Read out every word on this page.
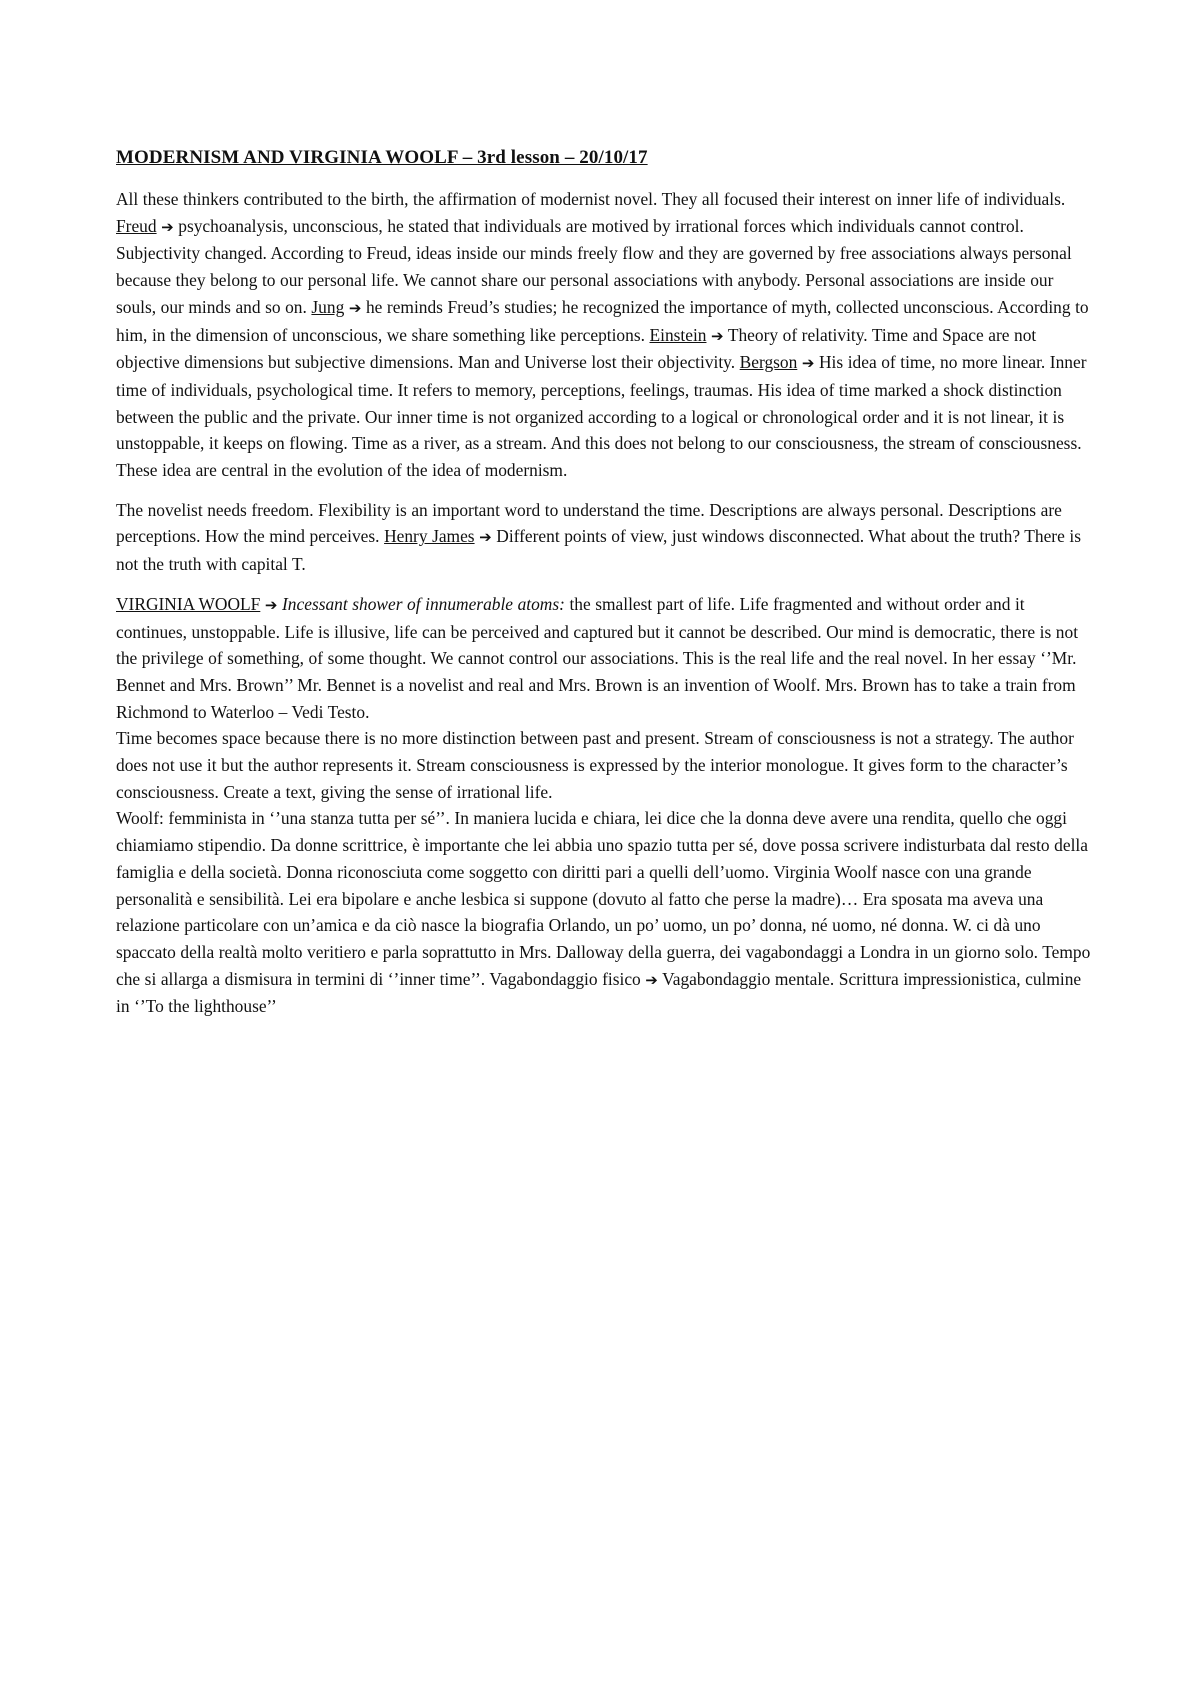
MODERNISM AND VIRGINIA WOOLF – 3rd lesson – 20/10/17

All these thinkers contributed to the birth, the affirmation of modernist novel. They all focused their interest on inner life of individuals. Freud ➔ psychoanalysis, unconscious, he stated that individuals are motived by irrational forces which individuals cannot control. Subjectivity changed. According to Freud, ideas inside our minds freely flow and they are governed by free associations always personal because they belong to our personal life. We cannot share our personal associations with anybody. Personal associations are inside our souls, our minds and so on. Jung ➔ he reminds Freud’s studies; he recognized the importance of myth, collected unconscious. According to him, in the dimension of unconscious, we share something like perceptions. Einstein ➔ Theory of relativity. Time and Space are not objective dimensions but subjective dimensions. Man and Universe lost their objectivity. Bergson ➔ His idea of time, no more linear. Inner time of individuals, psychological time. It refers to memory, perceptions, feelings, traumas. His idea of time marked a shock distinction between the public and the private. Our inner time is not organized according to a logical or chronological order and it is not linear, it is unstoppable, it keeps on flowing. Time as a river, as a stream. And this does not belong to our consciousness, the stream of consciousness. These idea are central in the evolution of the idea of modernism.

The novelist needs freedom. Flexibility is an important word to understand the time. Descriptions are always personal. Descriptions are perceptions. How the mind perceives. Henry James ➔ Different points of view, just windows disconnected. What about the truth? There is not the truth with capital T.

VIRGINIA WOOLF ➔ Incessant shower of innumerable atoms: the smallest part of life. Life fragmented and without order and it continues, unstoppable. Life is illusive, life can be perceived and captured but it cannot be described. Our mind is democratic, there is not the privilege of something, of some thought. We cannot control our associations. This is the real life and the real novel. In her essay ‘’Mr. Bennet and Mrs. Brown’’ Mr. Bennet is a novelist and real and Mrs. Brown is an invention of Woolf. Mrs. Brown has to take a train from Richmond to Waterloo – Vedi Testo.

Time becomes space because there is no more distinction between past and present. Stream of consciousness is not a strategy. The author does not use it but the author represents it. Stream consciousness is expressed by the interior monologue. It gives form to the character’s consciousness. Create a text, giving the sense of irrational life.

Woolf: femminista in ‘’una stanza tutta per sé’’. In maniera lucida e chiara, lei dice che la donna deve avere una rendita, quello che oggi chiamiamo stipendio. Da donne scrittrice, è importante che lei abbia uno spazio tutta per sé, dove possa scrivere indisturbata dal resto della famiglia e della società. Donna riconosciuta come soggetto con diritti pari a quelli dell’uomo. Virginia Woolf nasce con una grande personalità e sensibilità. Lei era bipolare e anche lesbica si suppone (dovuto al fatto che perse la madre)… Era sposata ma aveva una relazione particolare con un’amica e da ciò nasce la biografia Orlando, un po’ uomo, un po’ donna, né uomo, né donna. W. ci dà uno spaccato della realtà molto veritiero e parla soprattutto in Mrs. Dalloway della guerra, dei vagabondaggi a Londra in un giorno solo. Tempo che si allarga a dismisura in termini di ‘’inner time’’. Vagabondaggio fisico ➔ Vagabondaggio mentale. Scrittura impressionistica, culmine in ‘’To the lighthouse’’
